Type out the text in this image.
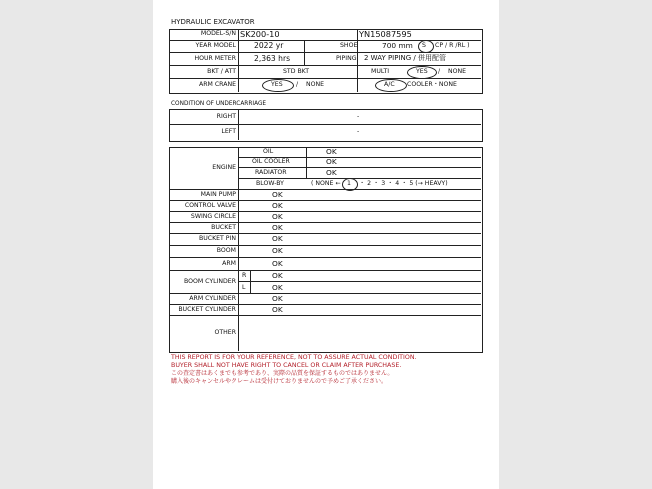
HYDRAULIC EXCAVATOR
MODEL-S/N SK200-10	YN15087595
YEAR MODEL 2022 yr	SHOE	700 mm S CP / R /RL )
HOUR METER 2,363 hrs	PIPING 2 WAY PIPING / 併用配管
BKT / ATT	STD BKT	MULTI	YES / NONE
ARM CRANE	YES / NONE	A/C COOLER・NONE
CONDITION OF UNDERCARRIAGE
RIGHT	-
LEFT	-
ENGINE
OIL	OK
OIL COOLER	OK
RADIATOR	OK
BLOW-BY	( NONE ← 1 ・ 2 ・ 3 ・ 4 ・ 5 (→ HEAVY)
MAIN PUMP	OK
CONTROL VALVE	OK
SWING CIRCLE	OK
BUCKET	OK
BUCKET PIN	OK
BOOM	OK
ARM	OK
BOOM CYLINDER
R	OK
L	OK
ARM CYLINDER	OK
BUCKET CYLINDER	OK
OTHER
THIS REPORT IS FOR YOUR REFERENCE, NOT TO ASSURE ACTUAL CONDITION.
BUYER SHALL NOT HAVE RIGHT TO CANCEL OR CLAIM AFTER PURCHASE.
この査定書はあくまでも参考であり、実際の品質を保証するものではありません。
購入後のキャンセルやクレームは受付けておりませんので予めご了承ください。
